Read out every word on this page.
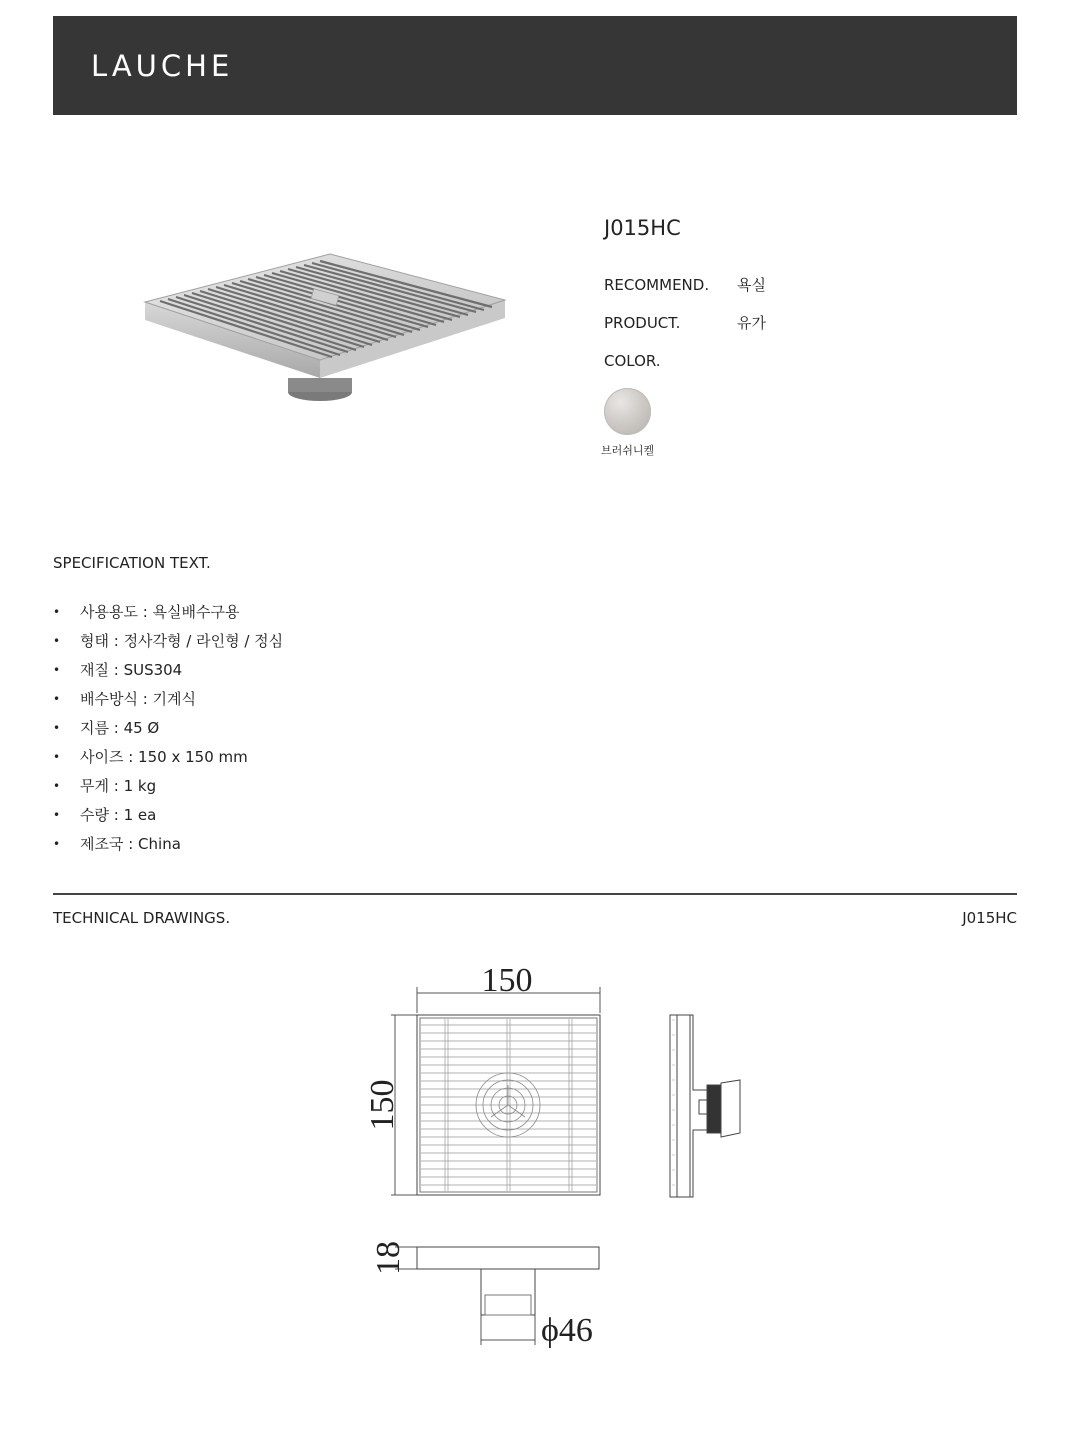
LAUCHE
J015HC
RECOMMEND. 욕실
PRODUCT.	유가
COLOR.
브러쉬니켈
SPECIFICATION TEXT.
• 사용용도 : 욕실배수구용
• 형태 : 정사각형 / 라인형 / 정심
• 재질 : SUS304
• 배수방식 : 기계식
• 지름 : 45 Ø
• 사이즈 : 150 x 150 mm
• 무게 : 1 kg
• 수량 : 1 ea
• 제조국 : China
TECHNICAL DRAWINGS.	J015HC
150
150
18
ϕ46
